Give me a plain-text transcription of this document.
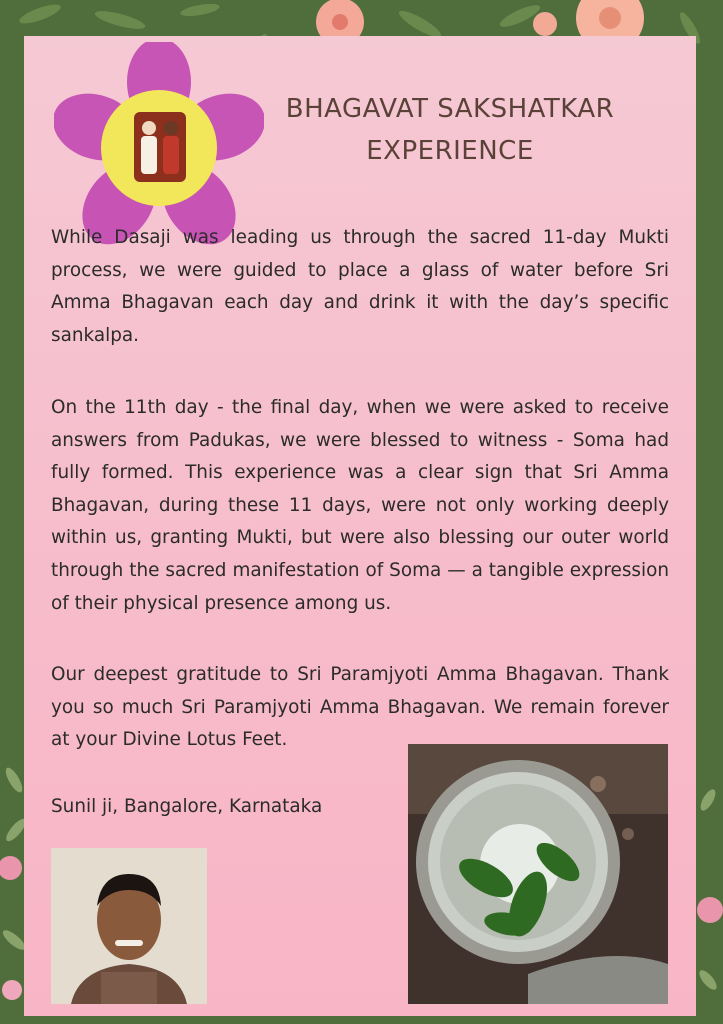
BHAGAVAT SAKSHATKAR
EXPERIENCE

While Dasaji was leading us through the sacred 11-day Mukti process, we were guided to place a glass of water before Sri Amma Bhagavan each day and drink it with the day’s specific sankalpa.

On the 11th day - the final day, when we were asked to receive answers from Padukas, we were blessed to witness - Soma had fully formed. This experience was a clear sign that Sri Amma Bhagavan, during these 11 days, were not only working deeply within us, granting Mukti, but were also blessing our outer world through the sacred manifestation of Soma — a tangible expression of their physical presence among us.

Our deepest gratitude to Sri Paramjyoti Amma Bhagavan. Thank you so much Sri Paramjyoti Amma Bhagavan. We remain forever at your Divine Lotus Feet.

Sunil ji, Bangalore, Karnataka
